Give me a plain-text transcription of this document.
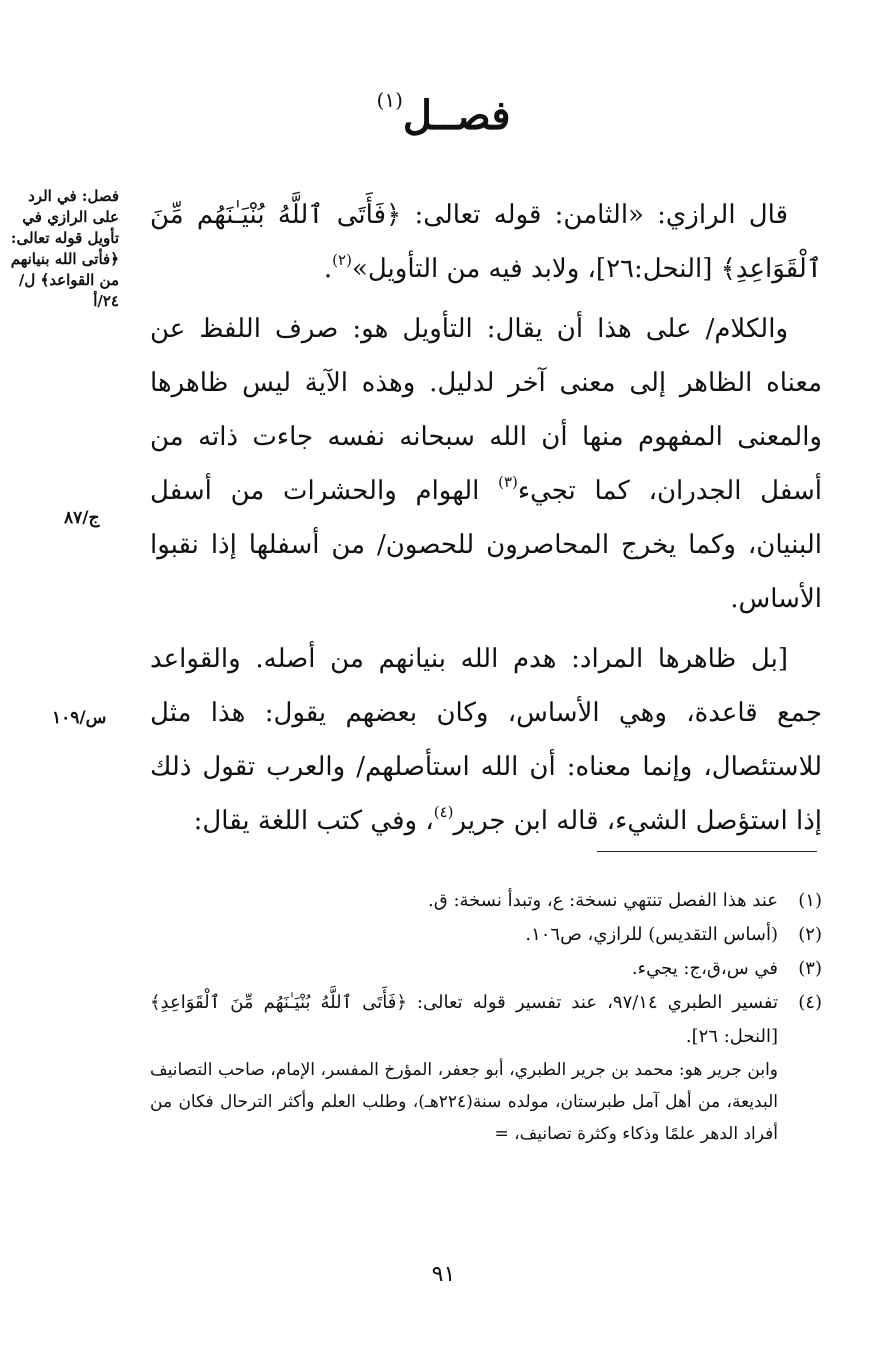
فصــل$^{(١)}$
فصل: في الرد على الرازي في تأويل قوله تعالى: ﴿فأتى الله بنيانهم من القواعد﴾ ل/٢٤/أ
ج/٨٧
س/١٠٩

قال الرازي: «الثامن: قوله تعالى: ﴿فَأَتَى ٱللَّهُ بُنْيَـٰنَهُم مِّنَ ٱلْقَوَاعِدِ﴾ [النحل:٢٦]، ولابد فيه من التأويل»$^{(٢)}$.

والكلام/ على هذا أن يقال: التأويل هو: صرف اللفظ عن معناه الظاهر إلى معنى آخر لدليل. وهذه الآية ليس ظاهرها والمعنى المفهوم منها أن الله سبحانه نفسه جاءت ذاته من أسفل الجدران، كما تجيء$^{(٣)}$ الهوام والحشرات من أسفل البنيان، وكما يخرج المحاصرون للحصون/ من أسفلها إذا نقبوا الأساس.

[بل ظاهرها المراد: هدم الله بنيانهم من أصله. والقواعد جمع قاعدة، وهي الأساس، وكان بعضهم يقول: هذا مثل للاستئصال، وإنما معناه: أن الله استأصلهم/ والعرب تقول ذلك إذا استؤصل الشيء، قاله ابن جرير$^{(٤)}$، وفي كتب اللغة يقال:

(١)
عند هذا الفصل تنتهي نسخة: ع، وتبدأ نسخة: ق.
(٢)
(أساس التقديس) للرازي، ص١٠٦.
(٣)
في س،ق،ج: يجيء.
(٤)
تفسير الطبري ٩٧/١٤، عند تفسير قوله تعالى: ﴿فَأَتَى ٱللَّهُ بُنْيَـٰنَهُم مِّنَ ٱلْقَوَاعِدِ﴾ [النحل: ٢٦].
وابن جرير هو: محمد بن جرير الطبري، أبو جعفر، المؤرخ المفسر، الإمام، صاحب التصانيف البديعة، من أهل آمل طبرستان، مولده سنة(٢٢٤هـ)، وطلب العلم وأكثر الترحال فكان من أفراد الدهر علمًا وذكاء وكثرة تصانيف، =
٩١
